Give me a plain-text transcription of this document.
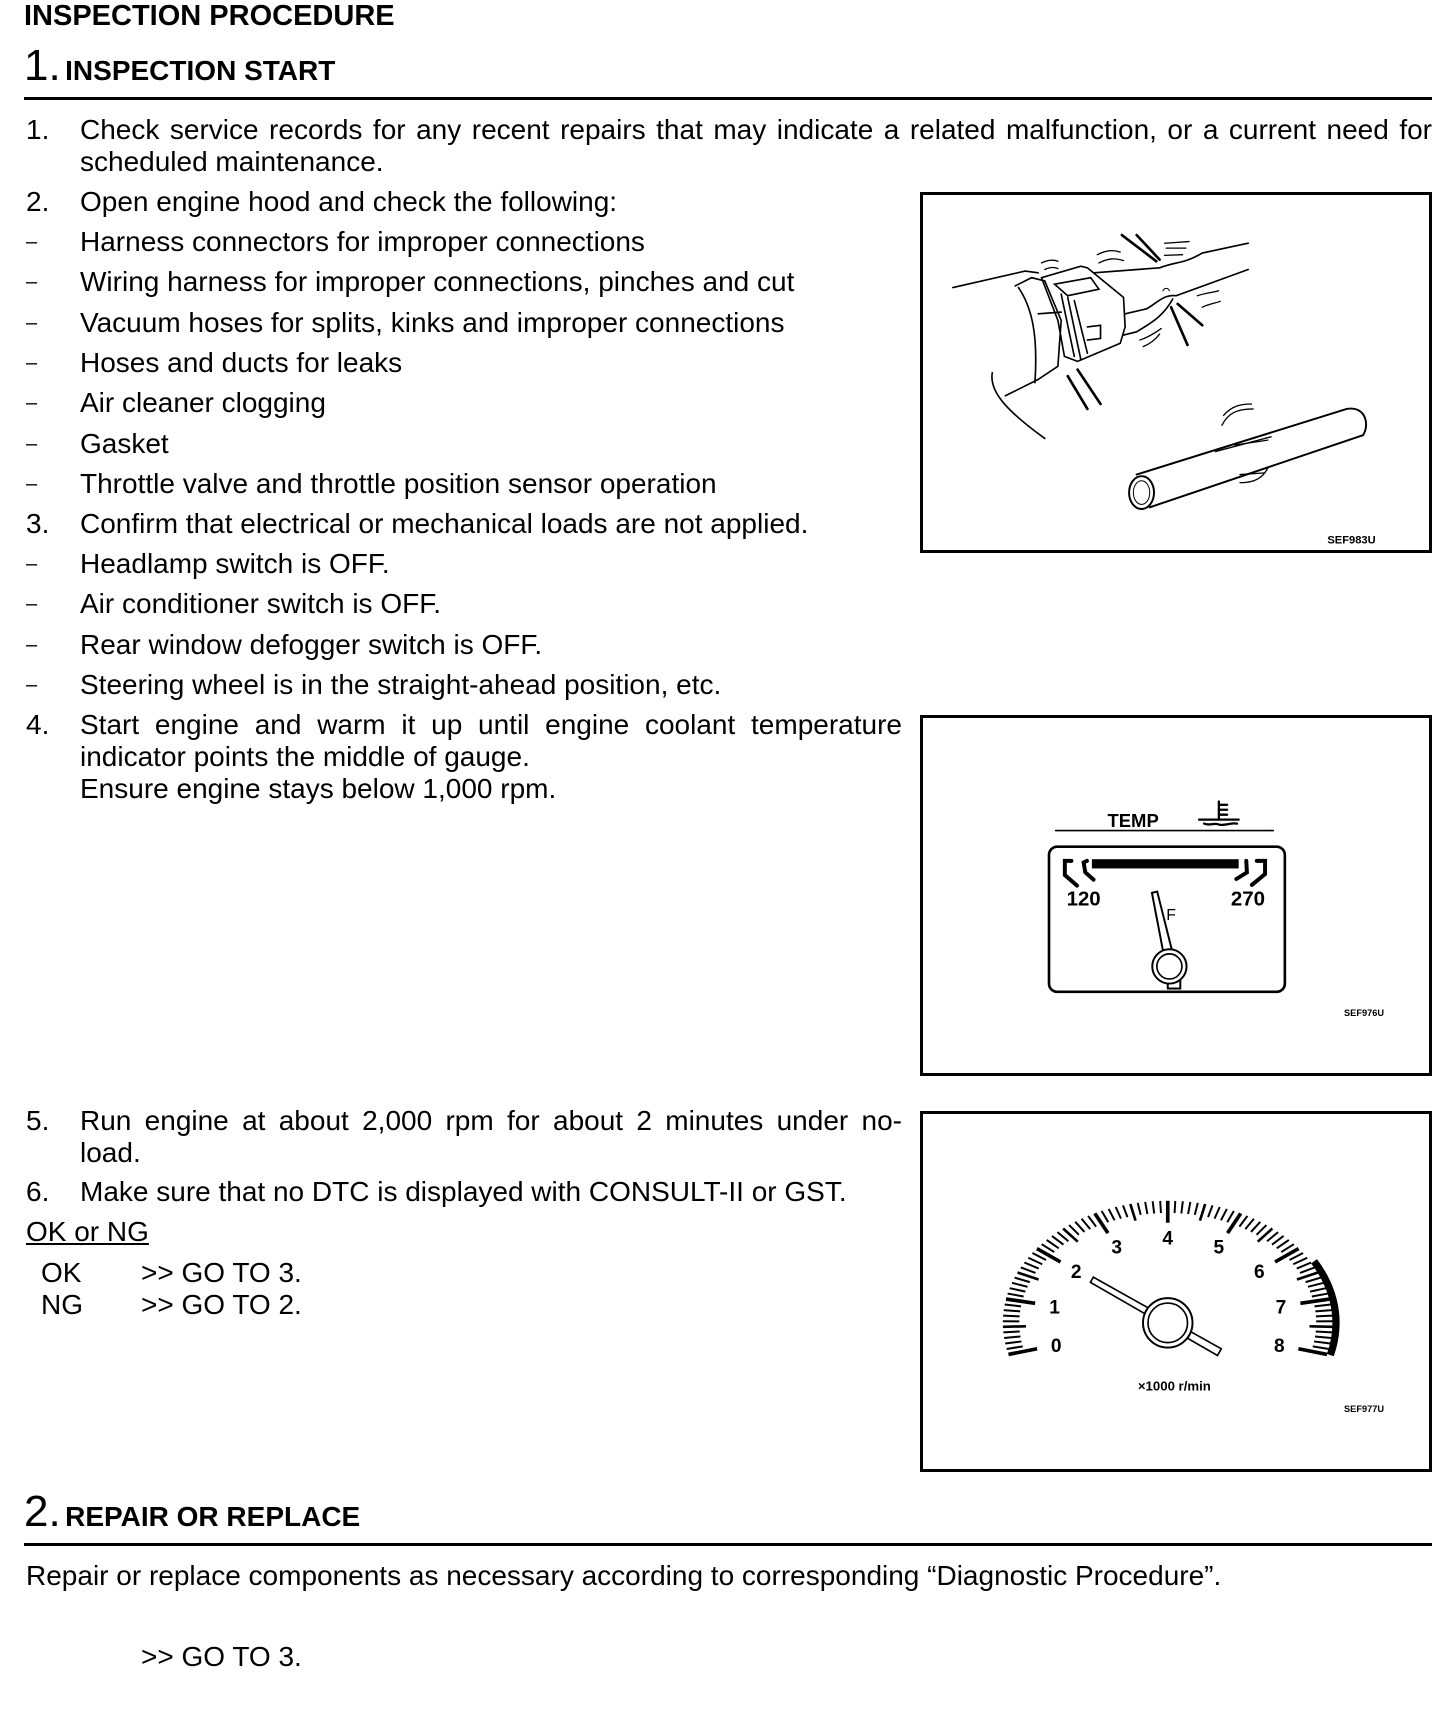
INSPECTION PROCEDURE
1. INSPECTION START
1. Check service records for any recent repairs that may indicate a related malfunction, or a current need for
scheduled maintenance.
2. Open engine hood and check the following:
– Harness connectors for improper connections
– Wiring harness for improper connections, pinches and cut
– Vacuum hoses for splits, kinks and improper connections
– Hoses and ducts for leaks
– Air cleaner clogging
– Gasket
– Throttle valve and throttle position sensor operation
3. Confirm that electrical or mechanical loads are not applied.
– Headlamp switch is OFF.
– Air conditioner switch is OFF.
– Rear window defogger switch is OFF.
– Steering wheel is in the straight-ahead position, etc.
4. Start engine and warm it up until engine coolant temperature
indicator points the middle of gauge.
Ensure engine stays below 1,000 rpm.
5. Run engine at about 2,000 rpm for about 2 minutes under no-
load.
6. Make sure that no DTC is displayed with CONSULT-II or GST.
OK or NG
OK >> GO TO 3.
NG >> GO TO 2.
2. REPAIR OR REPLACE
Repair or replace components as necessary according to corresponding “Diagnostic Procedure”.
>> GO TO 3.
SEF983U
TEMP
120 270
F
SEF976U
×1000 r/min
SEF977U
0
1
2
3 4 5
6
7
8
